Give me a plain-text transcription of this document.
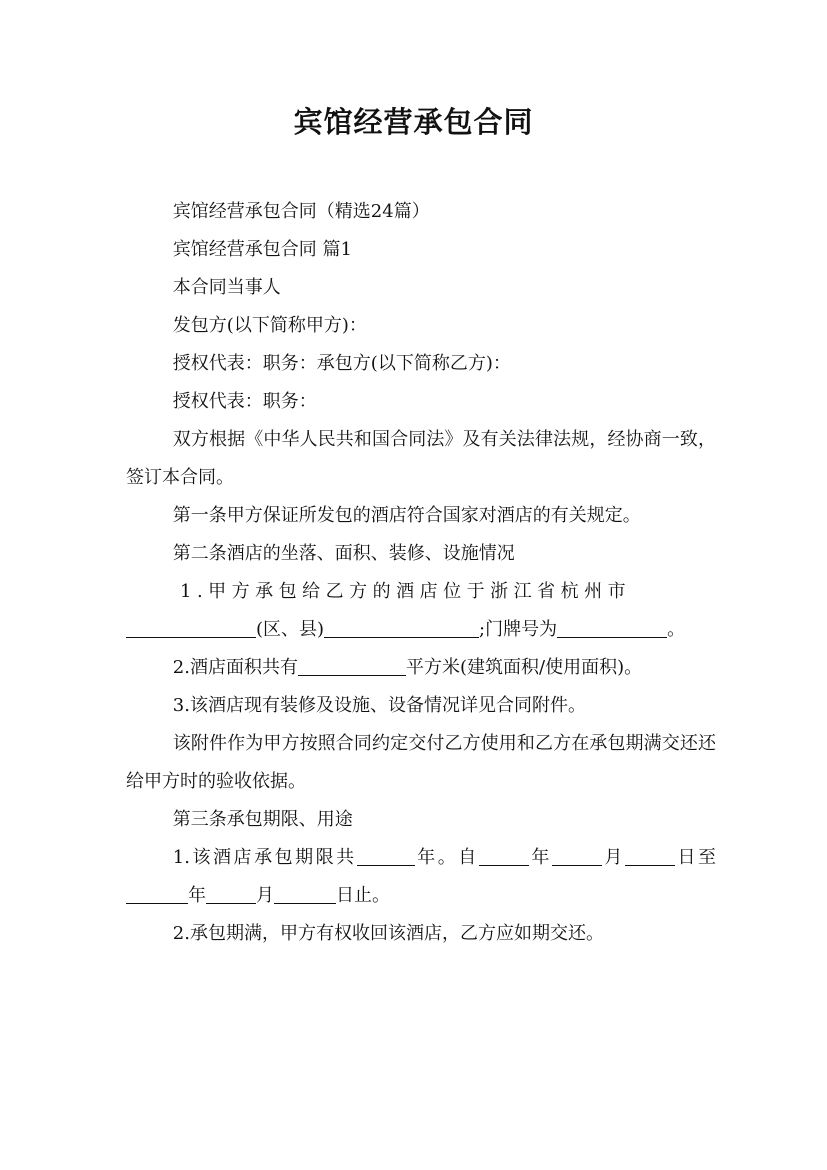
宾馆经营承包合同

宾馆经营承包合同（精选24篇）

宾馆经营承包合同 篇1

本合同当事人

发包方(以下简称甲方)：

授权代表：职务：承包方(以下简称乙方)：

授权代表：职务：

双方根据《中华人民共和国合同法》及有关法律法规，经协商一致，签订本合同。

第一条甲方保证所发包的酒店符合国家对酒店的有关规定。

第二条酒店的坐落、面积、装修、设施情况

1.甲方承包给乙方的酒店位于浙江省杭州市

(区、县)	;门牌号为	。

2.酒店面积共有	平方米(建筑面积/使用面积)。

3.该酒店现有装修及设施、设备情况详见合同附件。

该附件作为甲方按照合同约定交付乙方使用和乙方在承包期满交还还给甲方时的验收依据。

第三条承包期限、用途

1.该酒店承包期限共	年。自	年	月	日至年	月	日止。

2.承包期满，甲方有权收回该酒店，乙方应如期交还。
